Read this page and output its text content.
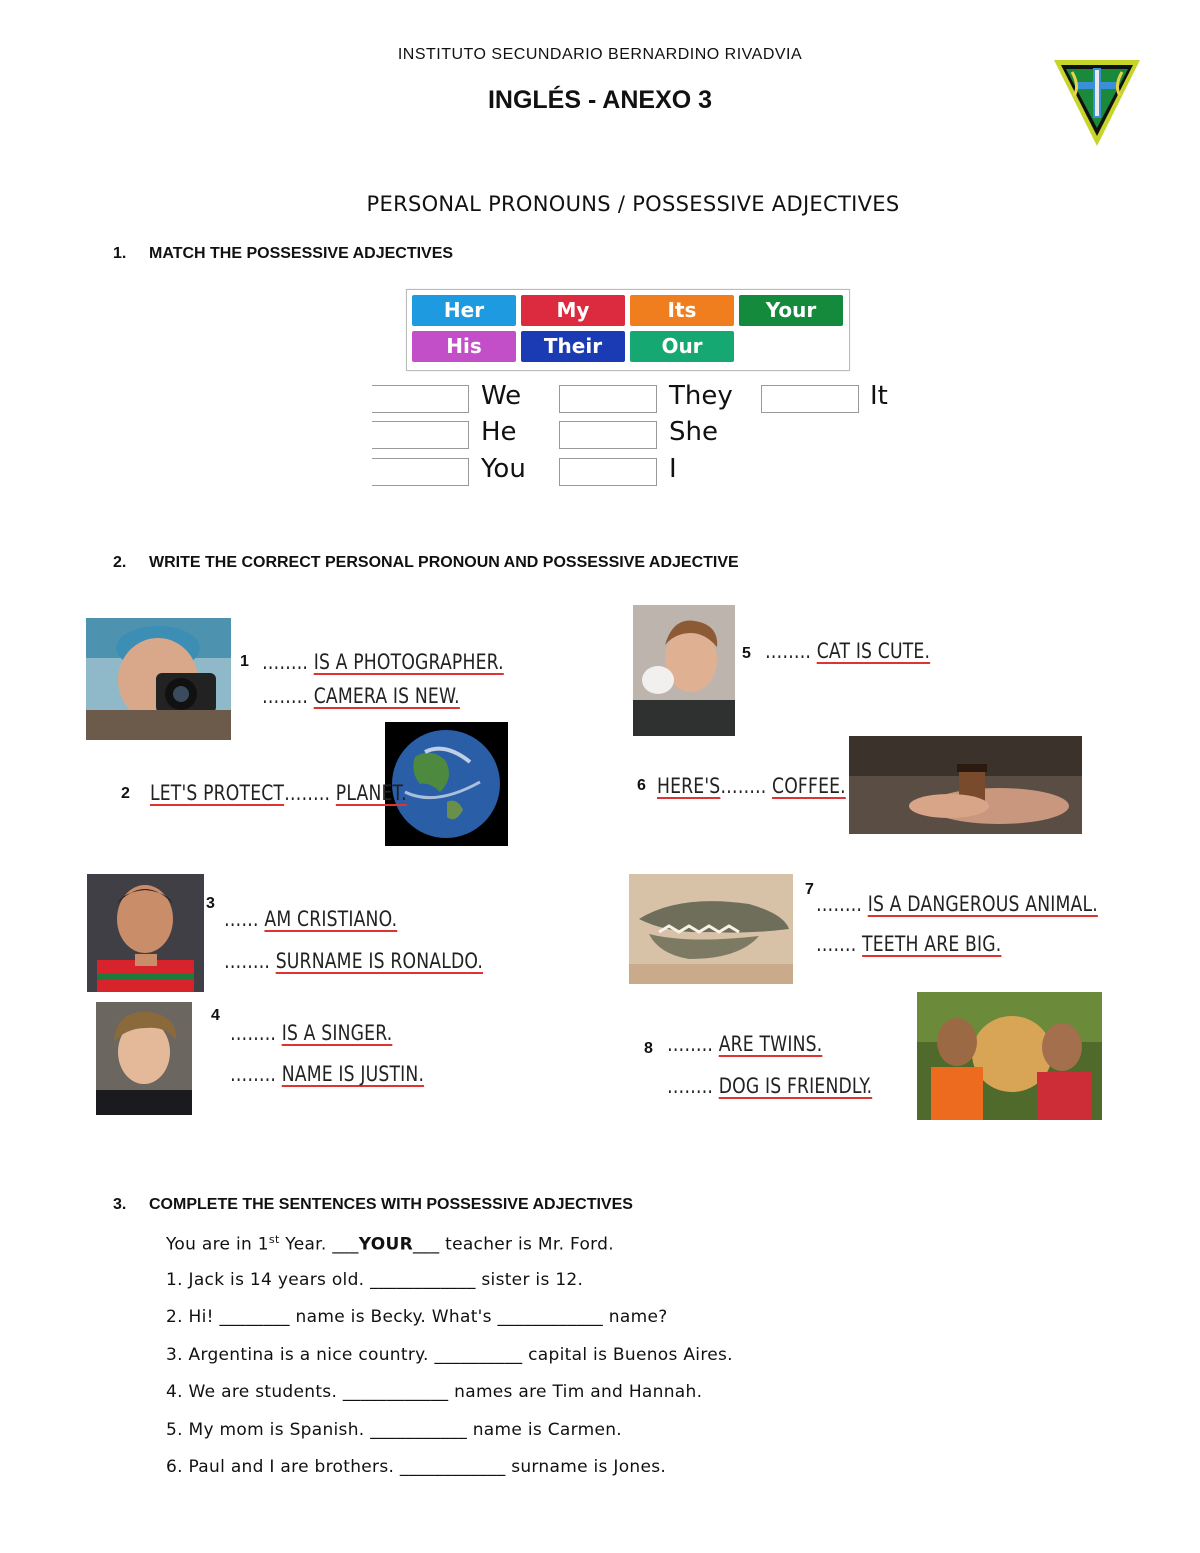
INSTITUTO SECUNDARIO BERNARDINO RIVADVIA
INGLÉS - ANEXO 3
PERSONAL PRONOUNS / POSSESSIVE ADJECTIVES
1. MATCH THE POSSESSIVE ADJECTIVES
Her	My	Its	Your
His	Their	Our
We	They	It
He	She
You	I
2. WRITE THE CORRECT PERSONAL PRONOUN AND POSSESSIVE ADJECTIVE
1 …….. IS A PHOTOGRAPHER.
…….. CAMERA IS NEW.
2 LET'S PROTECT…….. PLANET.
3
…… AM CRISTIANO.
…….. SURNAME IS RONALDO.
4
…….. IS A SINGER.
…….. NAME IS JUSTIN.
5 …….. CAT IS CUTE.
6 HERE'S…….. COFFEE.
7
…….. IS A DANGEROUS ANIMAL.
……. TEETH ARE BIG.
8 …….. ARE TWINS.
…….. DOG IS FRIENDLY.
3. COMPLETE THE SENTENCES WITH POSSESSIVE ADJECTIVES
You are in 1st Year. ___YOUR___ teacher is Mr. Ford.
1. Jack is 14 years old. ____________ sister is 12.
2. Hi! ________ name is Becky. What's ____________ name?
3. Argentina is a nice country. __________ capital is Buenos Aires.
4. We are students. ____________ names are Tim and Hannah.
5. My mom is Spanish. ___________ name is Carmen.
6. Paul and I are brothers. ____________ surname is Jones.
